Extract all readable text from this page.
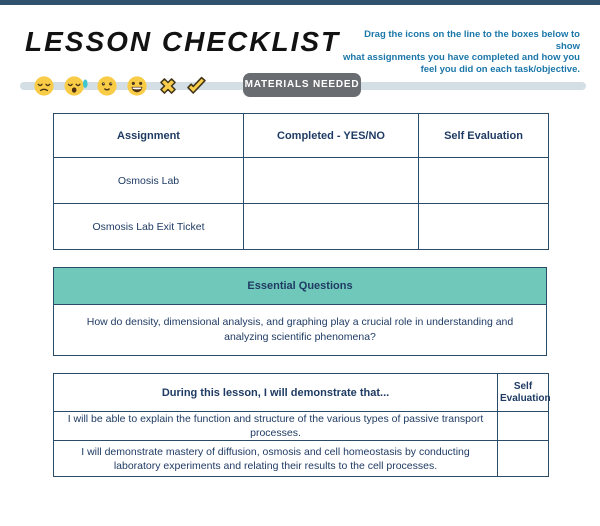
LESSON CHECKLIST	Drag the icons on the line to the boxes below to show
what assignments you have completed and how you
feel you did on each task/objective.
MATERIALS NEEDED
Assignment	Completed - YES/NO	Self Evaluation
Osmosis Lab		
Osmosis Lab Exit Ticket		
Essential Questions
How do density, dimensional analysis, and graphing play a crucial role in understanding and analyzing scientific phenomena?
During this lesson, I will demonstrate that...	Self Evaluation
I will be able to explain the function and structure of the various types of passive transport processes.	
I will demonstrate mastery of diffusion, osmosis and cell homeostasis by conducting laboratory experiments and relating their results to the cell processes.	
